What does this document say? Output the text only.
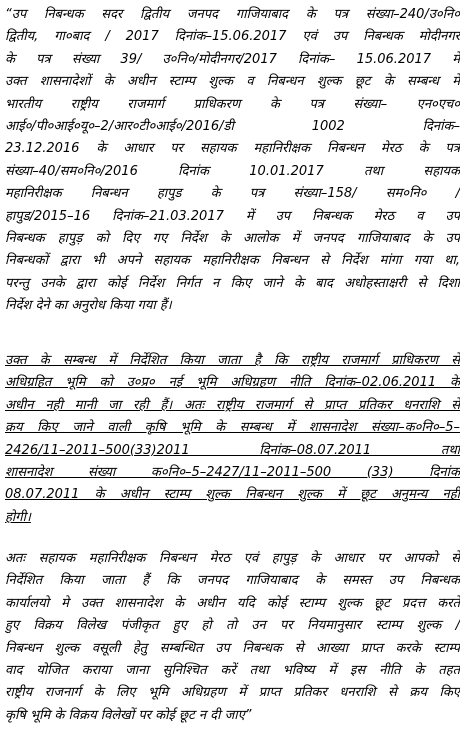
“उप निबन्धक सदर द्वितीय जनपद गाजियाबाद के पत्र संख्या–240/उ०नि०
द्वितीय, गा०बाद / 2017 दिनांक–15.06.2017 एवं उप निबन्धक मोदीनगर
के पत्र संख्या 39/ उ०नि०/मोदीनगर/2017 दिनांक– 15.06.2017 में
उक्त शासनादेशों के अधीन स्टाम्प शुल्क व निबन्धन शुल्क छूट के सम्बन्ध में
भारतीय राष्ट्रीय राजमार्ग प्राधिकरण के पत्र संख्या– एन०एच०
आई०/पी०आई०यू०–2/आर०टी०आई०/2016/डी 1002 दिनांक–
23.12.2016 के आधार पर सहायक महानिरीक्षक निबन्धन मेरठ के पत्र
संख्या–40/सम०नि०/2016 दिनांक 10.01.2017 तथा सहायक
महानिरीक्षक निबन्धन हापुड के पत्र संख्या–158/ सम०नि० /
हापुड/2015–16 दिनांक–21.03.2017 में उप निबन्धक मेरठ व उप
निबन्धक हापुड़ को दिए गए निर्देश के आलोक में जनपद गाजियाबाद के उप
निबन्धकों द्वारा भी अपने सहायक महानिरीक्षक निबन्धन से निर्देश मांगा गया था,
परन्तु उनके द्वारा कोई निर्देश निर्गत न किए जाने के बाद अधोहस्ताक्षरी से दिशा
निर्देश देने का अनुरोध किया गया हैं।
उक्त के सम्बन्ध में निर्देशित किया जाता है कि राष्ट्रीय राजमार्ग प्राधिकरण से
अधिग्रहित भूमि को उ०प्र० नई भूमि अधिग्रहण नीति दिनांक–02.06.2011 के
अधीन नही मानी जा रही हैं। अतः राष्ट्रीय राजमार्ग से प्राप्त प्रतिकर धनराशि से
क्रय किए जाने वाली कृषि भूमि के सम्बन्ध में शासनादेश संख्या–क०नि०–5–
2426/11–2011–500(33)2011 दिनांक–08.07.2011 तथा
शासनादेश संख्या क०नि०–5–2427/11–2011–500 (33) दिनांक
08.07.2011 के अधीन स्टाम्प शुल्क निबन्धन शुल्क में छूट अनुमन्य नही
होगी।
अतः सहायक महानिरीक्षक निबन्धन मेरठ एवं हापुड़ के आधार पर आपको से
निर्देशित किया जाता हैं कि जनपद गाजियाबाद के समस्त उप निबन्धक
कार्यालयो मे उक्त शासनादेश के अधीन यदि कोई स्टाम्प शुल्क छूट प्रदत्त करते
हुए विक्रय विलेख पंजीकृत हुए हो तो उन पर नियमानुसार स्टाम्प शुल्क /
निबन्धन शुल्क वसूली हेतु सम्बन्धित उप निबन्धक से आख्या प्राप्त करके स्टाम्प
वाद योजित कराया जाना सुनिश्चित करें तथा भविष्य में इस नीति के तहत
राष्ट्रीय राजनार्ग के लिए भूमि अधिग्रहण में प्राप्त प्रतिकर धनराशि से क्रय किए
कृषि भूमि के विक्रय विलेखों पर कोई छूट न दी जाए”
